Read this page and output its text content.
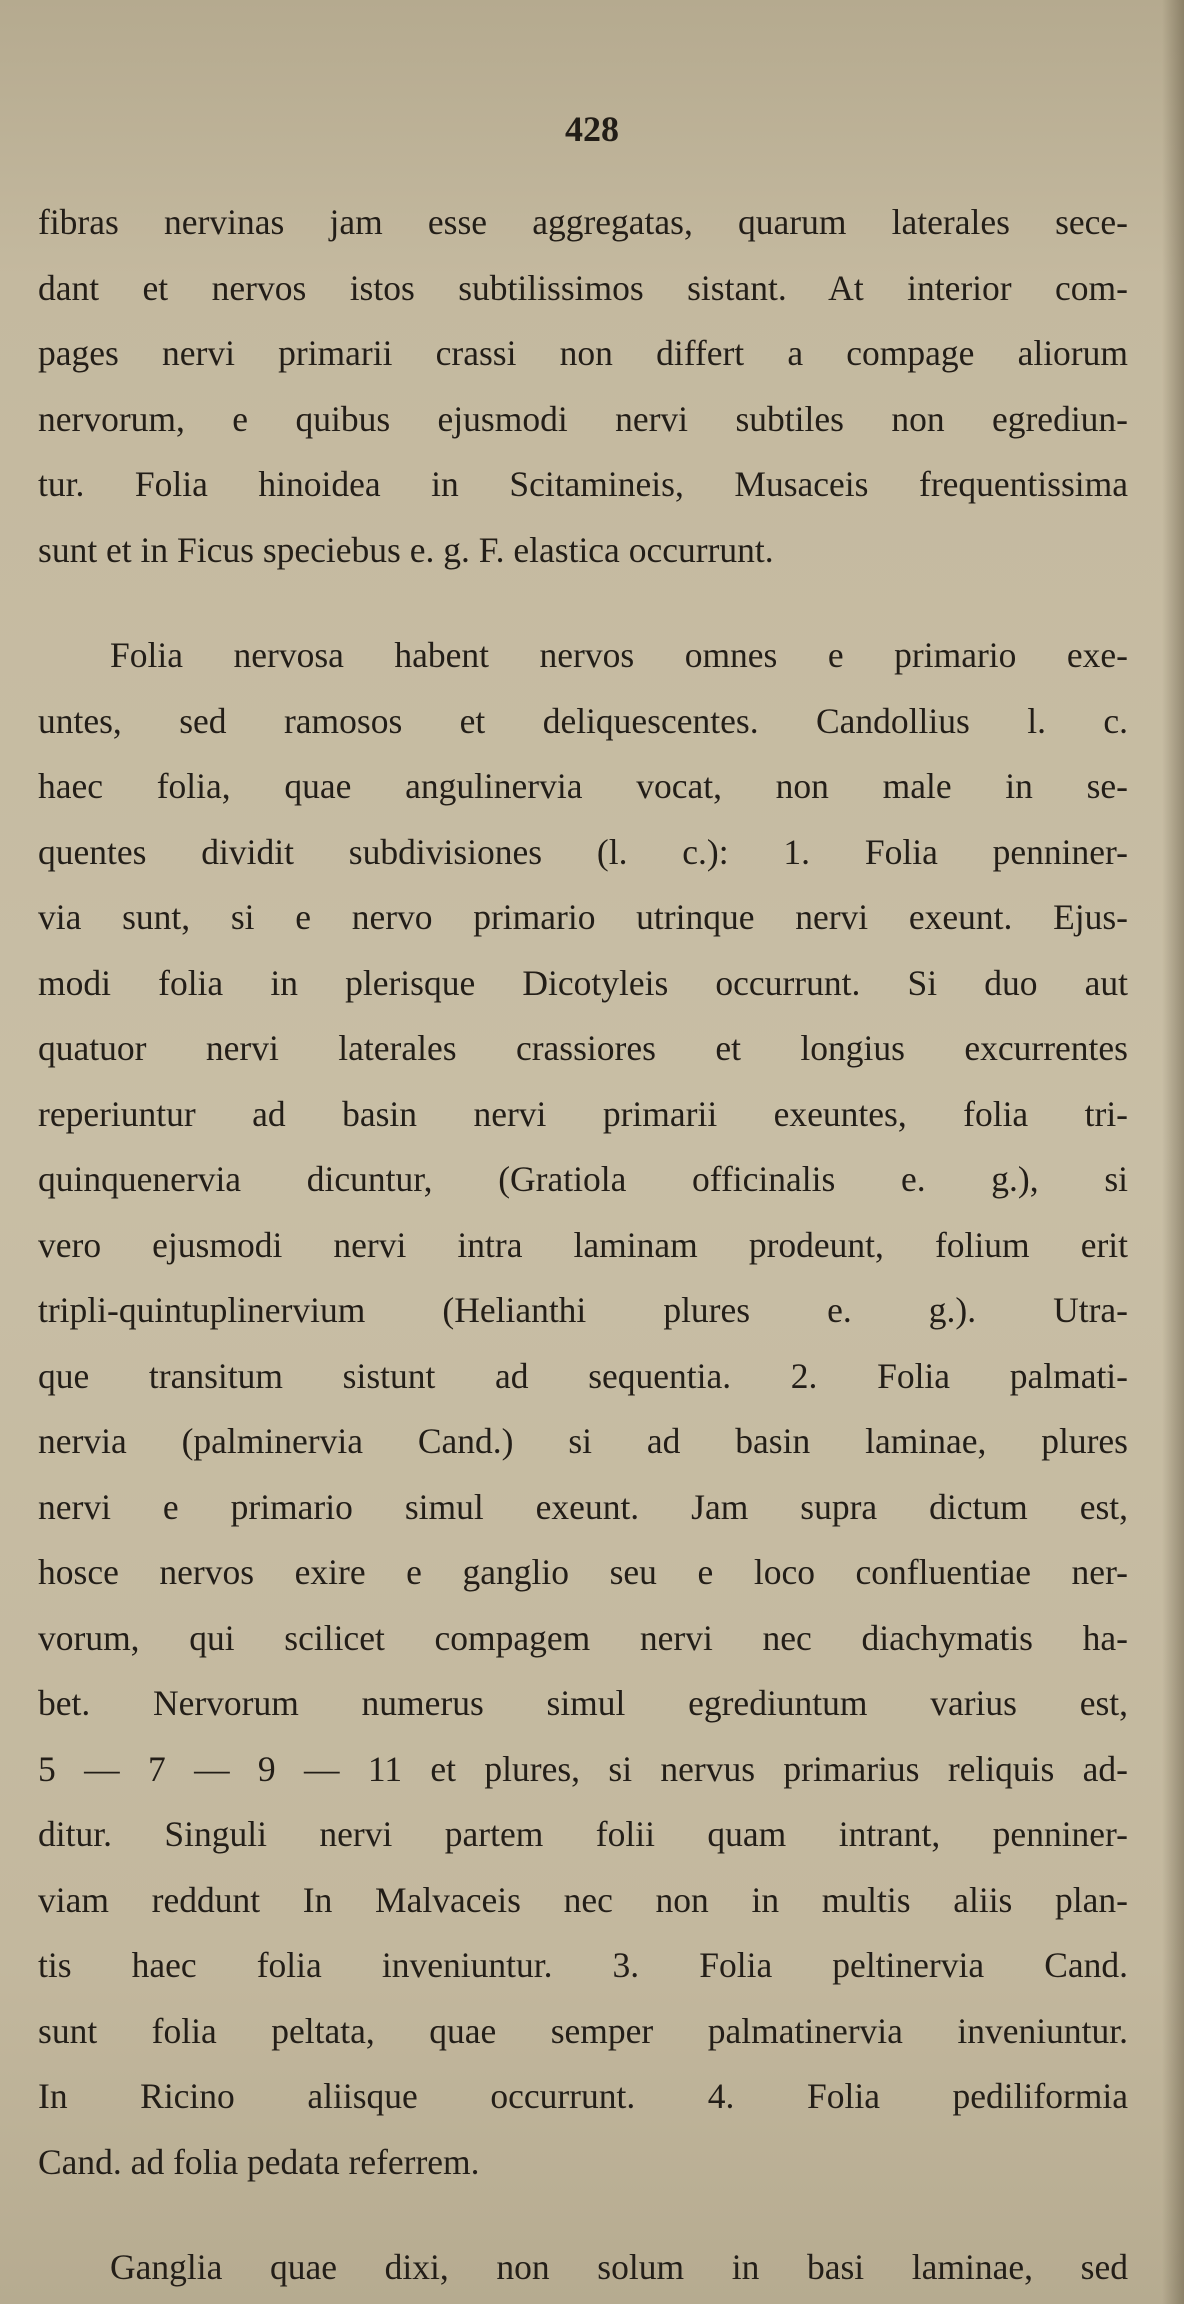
428
fibras nervinas jam esse aggregatas, quarum laterales sece-
dant et nervos istos subtilissimos sistant. At interior com-
pages nervi primarii crassi non differt a compage aliorum
nervorum, e quibus ejusmodi nervi subtiles non egrediun-
tur. Folia hinoidea in Scitamineis, Musaceis frequentissima
sunt et in Ficus speciebus e. g. F. elastica occurrunt.
Folia nervosa habent nervos omnes e primario exe-
untes, sed ramosos et deliquescentes. Candollius l. c.
haec folia, quae angulinervia vocat, non male in se-
quentes dividit subdivisiones (l. c.): 1. Folia penniner-
via sunt, si e nervo primario utrinque nervi exeunt. Ejus-
modi folia in plerisque Dicotyleis occurrunt. Si duo aut
quatuor nervi laterales crassiores et longius excurrentes
reperiuntur ad basin nervi primarii exeuntes, folia tri-
quinquenervia dicuntur, (Gratiola officinalis e. g.), si
vero ejusmodi nervi intra laminam prodeunt, folium erit
tripli-quintuplinervium (Helianthi plures e. g.). Utra-
que transitum sistunt ad sequentia. 2. Folia palmati-
nervia (palminervia Cand.) si ad basin laminae, plures
nervi e primario simul exeunt. Jam supra dictum est,
hosce nervos exire e ganglio seu e loco confluentiae ner-
vorum, qui scilicet compagem nervi nec diachymatis ha-
bet. Nervorum numerus simul egrediuntum varius est,
5 — 7 — 9 — 11 et plures, si nervus primarius reliquis ad-
ditur. Singuli nervi partem folii quam intrant, penniner-
viam reddunt In Malvaceis nec non in multis aliis plan-
tis haec folia inveniuntur. 3. Folia peltinervia Cand.
sunt folia peltata, quae semper palmatinervia inveniuntur.
In Ricino aliisque occurrunt. 4. Folia pediliformia
Cand. ad folia pedata referrem.
Ganglia quae dixi, non solum in basi laminae, sed
